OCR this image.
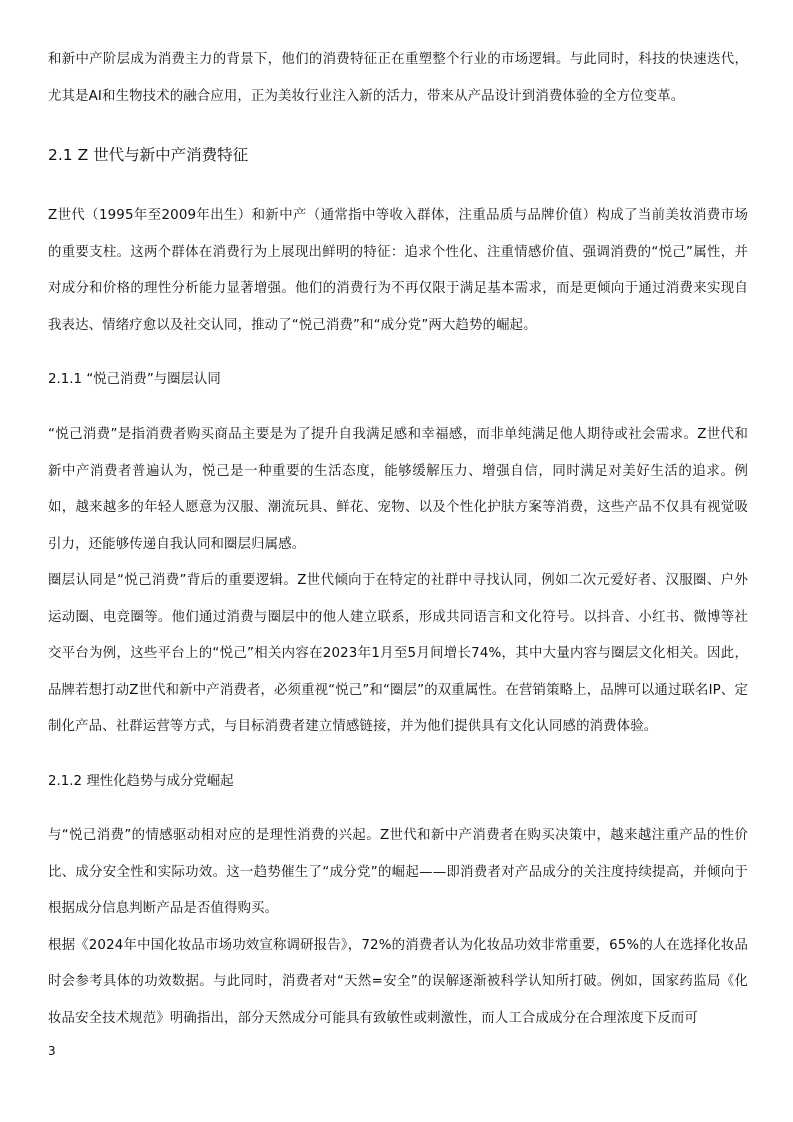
和新中产阶层成为消费主力的背景下，他们的消费特征正在重塑整个行业的市场逻辑。与此同时，科技的快速迭代，尤其是AI和生物技术的融合应用，正为美妆行业注入新的活力，带来从产品设计到消费体验的全方位变革。

2.1 Z 世代与新中产消费特征

Z世代（1995年至2009年出生）和新中产（通常指中等收入群体，注重品质与品牌价值）构成了当前美妆消费市场的重要支柱。这两个群体在消费行为上展现出鲜明的特征：追求个性化、注重情感价值、强调消费的“悦己”属性，并对成分和价格的理性分析能力显著增强。他们的消费行为不再仅限于满足基本需求，而是更倾向于通过消费来实现自我表达、情绪疗愈以及社交认同，推动了“悦己消费”和“成分党”两大趋势的崛起。

2.1.1 “悦己消费”与圈层认同

“悦己消费”是指消费者购买商品主要是为了提升自我满足感和幸福感，而非单纯满足他人期待或社会需求。Z世代和新中产消费者普遍认为，悦己是一种重要的生活态度，能够缓解压力、增强自信，同时满足对美好生活的追求。例如，越来越多的年轻人愿意为汉服、潮流玩具、鲜花、宠物、以及个性化护肤方案等消费，这些产品不仅具有视觉吸引力，还能够传递自我认同和圈层归属感。

圈层认同是“悦己消费”背后的重要逻辑。Z世代倾向于在特定的社群中寻找认同，例如二次元爱好者、汉服圈、户外运动圈、电竞圈等。他们通过消费与圈层中的他人建立联系，形成共同语言和文化符号。以抖音、小红书、微博等社交平台为例，这些平台上的“悦己”相关内容在2023年1月至5月间增长74%，其中大量内容与圈层文化相关。因此，品牌若想打动Z世代和新中产消费者，必须重视“悦己”和“圈层”的双重属性。在营销策略上，品牌可以通过联名IP、定制化产品、社群运营等方式，与目标消费者建立情感链接，并为他们提供具有文化认同感的消费体验。

2.1.2 理性化趋势与成分党崛起

与“悦己消费”的情感驱动相对应的是理性消费的兴起。Z世代和新中产消费者在购买决策中，越来越注重产品的性价比、成分安全性和实际功效。这一趋势催生了“成分党”的崛起——即消费者对产品成分的关注度持续提高，并倾向于根据成分信息判断产品是否值得购买。

根据《2024年中国化妆品市场功效宣称调研报告》，72%的消费者认为化妆品功效非常重要，65%的人在选择化妆品时会参考具体的功效数据。与此同时，消费者对“天然=安全”的误解逐渐被科学认知所打破。例如，国家药监局《化妆品安全技术规范》明确指出，部分天然成分可能具有致敏性或刺激性，而人工合成成分在合理浓度下反而可

3
